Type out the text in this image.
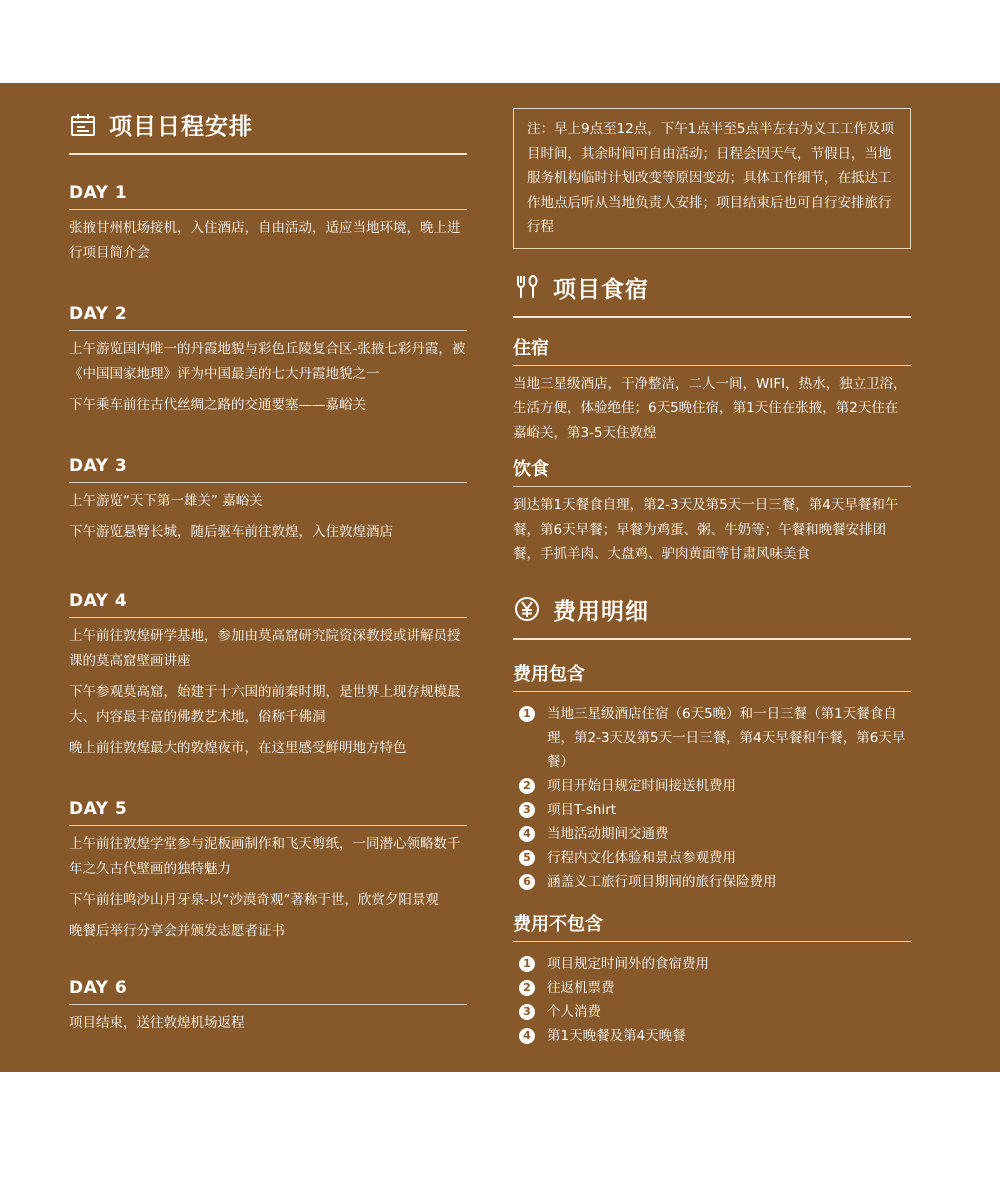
项目日程安排
DAY 1
张掖甘州机场接机，入住酒店，自由活动，适应当地环境，晚上进行项目简介会
DAY 2
上午游览国内唯一的丹霞地貌与彩色丘陵复合区-张掖七彩丹霞，被《中国国家地理》评为中国最美的七大丹霞地貌之一
下午乘车前往古代丝绸之路的交通要塞——嘉峪关
DAY 3
上午游览“天下第一雄关” 嘉峪关
下午游览悬臂长城，随后驱车前往敦煌，入住敦煌酒店
DAY 4
上午前往敦煌研学基地，参加由莫高窟研究院资深教授或讲解员授课的莫高窟壁画讲座
下午参观莫高窟，始建于十六国的前秦时期，是世界上现存规模最大、内容最丰富的佛教艺术地，俗称千佛洞
晚上前往敦煌最大的敦煌夜市，在这里感受鲜明地方特色
DAY 5
上午前往敦煌学堂参与泥板画制作和飞天剪纸，一同潜心领略数千年之久古代壁画的独特魅力
下午前往鸣沙山月牙泉-以“沙漠奇观”著称于世，欣赏夕阳景观
晚餐后举行分享会并颁发志愿者证书
DAY 6
项目结束，送往敦煌机场返程
注：早上9点至12点，下午1点半至5点半左右为义工工作及项目时间，其余时间可自由活动；日程会因天气，节假日，当地服务机构临时计划改变等原因变动；具体工作细节，在抵达工作地点后听从当地负责人安排；项目结束后也可自行安排旅行行程
项目食宿
住宿
当地三星级酒店，干净整洁，二人一间，WIFI，热水，独立卫浴，生活方便，体验绝佳；6天5晚住宿，第1天住在张掖，第2天住在嘉峪关，第3-5天住敦煌
饮食
到达第1天餐食自理，第2-3天及第5天一日三餐，第4天早餐和午餐，第6天早餐；早餐为鸡蛋、粥、牛奶等；午餐和晚餐安排团餐，手抓羊肉、大盘鸡、驴肉黄面等甘肃风味美食
费用明细
费用包含
1	当地三星级酒店住宿（6天5晚）和一日三餐（第1天餐食自理，第2-3天及第5天一日三餐，第4天早餐和午餐，第6天早餐）
2	项目开始日规定时间接送机费用
3	项目T-shirt
4	当地活动期间交通费
5	行程内文化体验和景点参观费用
6	涵盖义工旅行项目期间的旅行保险费用
费用不包含
1	项目规定时间外的食宿费用
2	往返机票费
3	个人消费
4	第1天晚餐及第4天晚餐
